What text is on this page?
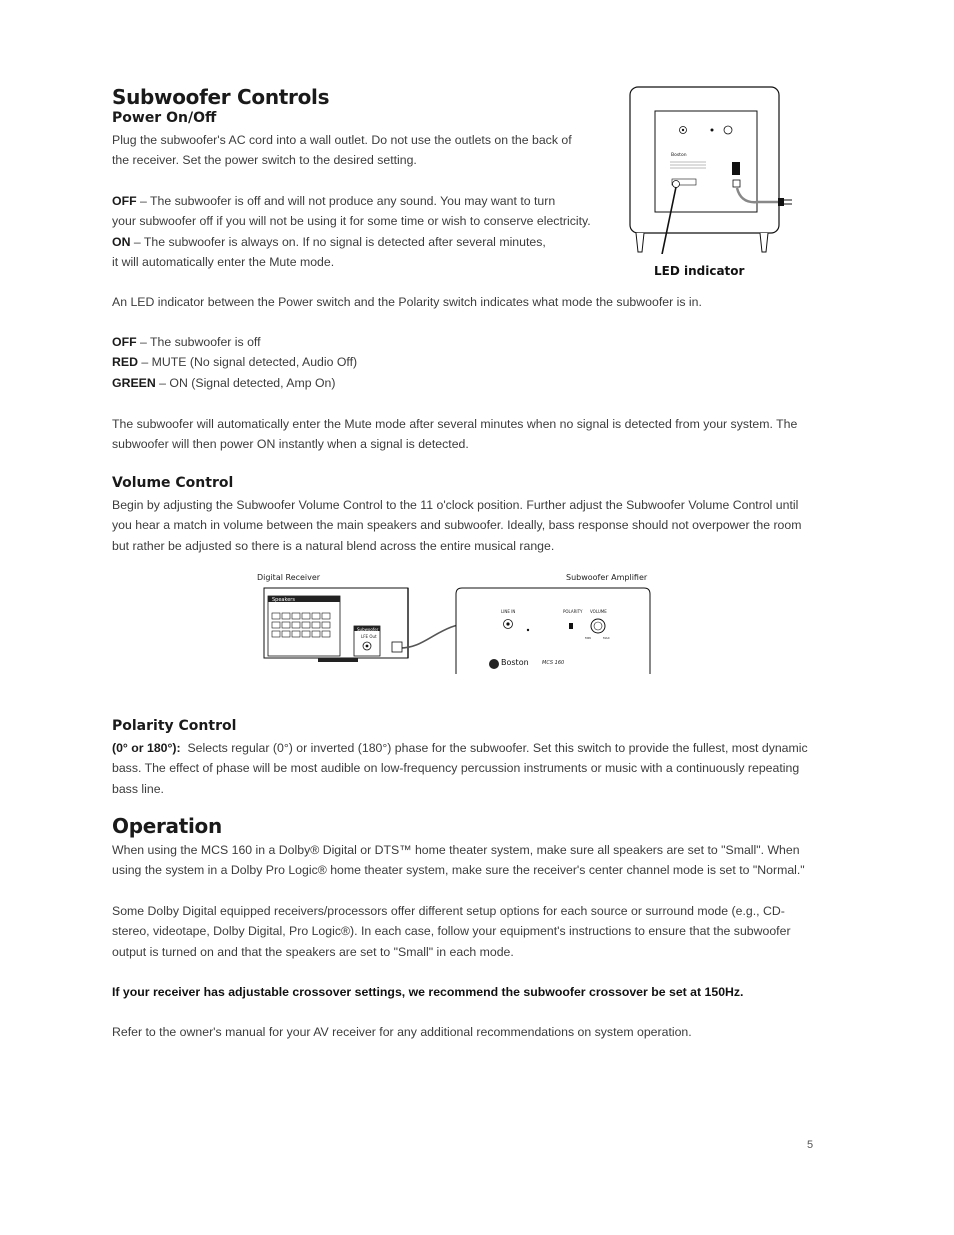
Subwoofer Controls
Power On/Off

Plug the subwoofer's AC cord into a wall outlet. Do not use the outlets on the back of the receiver. Set the power switch to the desired setting.

OFF – The subwoofer is off and will not produce any sound. You may want to turn
your subwoofer off if you will not be using it for some time or wish to conserve electricity.
ON – The subwoofer is always on. If no signal is detected after several minutes,
it will automatically enter the Mute mode.

Boston
LED indicator

An LED indicator between the Power switch and the Polarity switch indicates what mode the subwoofer is in.

OFF – The subwoofer is off
RED – MUTE (No signal detected, Audio Off)
GREEN – ON (Signal detected, Amp On)

The subwoofer will automatically enter the Mute mode after several minutes when no signal is detected from your system. The subwoofer will then power ON instantly when a signal is detected.

Volume Control

Begin by adjusting the Subwoofer Volume Control to the 11 o'clock position. Further adjust the Subwoofer Volume Control until you hear a match in volume between the main speakers and subwoofer. Ideally, bass response should not overpower the room but rather be adjusted so there is a natural blend across the entire musical range.

Digital Receiver	Subwoofer Amplifier
Speakers
Subwoofer
LFE Out
LINE IN	POLARITY VOLUME
MIN	MAX
Boston	MCS 160
Polarity Control

(0° or 180°): Selects regular (0°) or inverted (180°) phase for the subwoofer. Set this switch to provide the fullest, most dynamic bass. The effect of phase will be most audible on low-frequency percussion instruments or music with a continuously repeating bass line.

Operation

When using the MCS 160 in a Dolby® Digital or DTS™ home theater system, make sure all speakers are set to "Small". When using the system in a Dolby Pro Logic® home theater system, make sure the receiver's center channel mode is set to "Normal."

Some Dolby Digital equipped receivers/processors offer different setup options for each source or surround mode (e.g., CD-stereo, videotape, Dolby Digital, Pro Logic®). In each case, follow your equipment's instructions to ensure that the subwoofer output is turned on and that the speakers are set to "Small" in each mode.

If your receiver has adjustable crossover settings, we recommend the subwoofer crossover be set at 150Hz.

Refer to the owner's manual for your AV receiver for any additional recommendations on system operation.

5
